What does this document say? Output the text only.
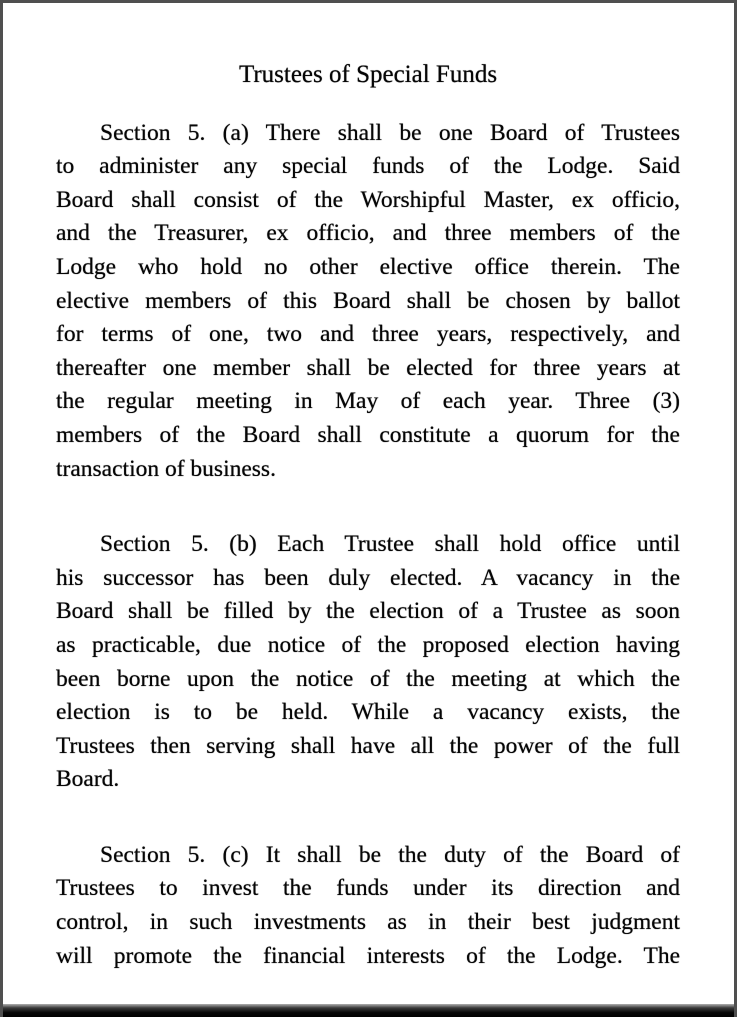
Trustees of Special Funds
Section 5. (a) There shall be one Board of Trustees
to administer any special funds of the Lodge. Said
Board shall consist of the Worshipful Master, ex officio,
and the Treasurer, ex officio, and three members of the
Lodge who hold no other elective office therein. The
elective members of this Board shall be chosen by ballot
for terms of one, two and three years, respectively, and
thereafter one member shall be elected for three years at
the regular meeting in May of each year. Three (3)
members of the Board shall constitute a quorum for the
transaction of business.
Section 5. (b) Each Trustee shall hold office until
his successor has been duly elected. A vacancy in the
Board shall be filled by the election of a Trustee as soon
as practicable, due notice of the proposed election having
been borne upon the notice of the meeting at which the
election is to be held. While a vacancy exists, the
Trustees then serving shall have all the power of the full
Board.
Section 5. (c) It shall be the duty of the Board of
Trustees to invest the funds under its direction and
control, in such investments as in their best judgment
will promote the financial interests of the Lodge. The
